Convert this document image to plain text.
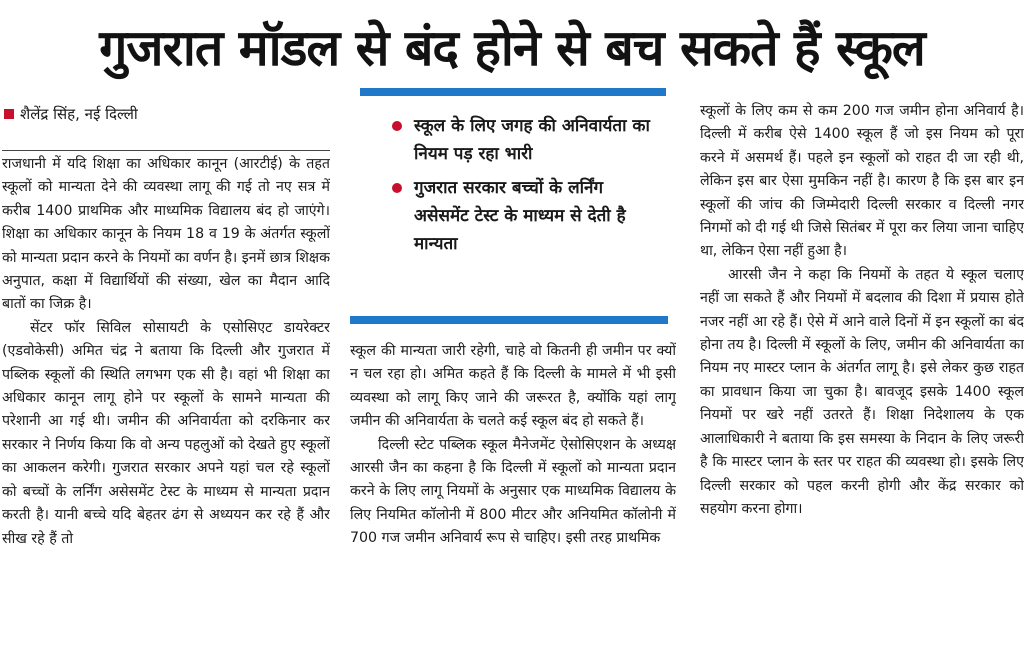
गुजरात मॉडल से बंद होने से बच सकते हैं स्कूल
शैलेंद्र सिंह, नई दिल्ली

राजधानी में यदि शिक्षा का अधिकार कानून (आरटीई) के तहत स्कूलों को मान्यता देने की व्यवस्था लागू की गई तो नए सत्र में करीब 1400 प्राथमिक और माध्यमिक विद्यालय बंद हो जाएंगे। शिक्षा का अधिकार कानून के नियम 18 व 19 के अंतर्गत स्कूलों को मान्यता प्रदान करने के नियमों का वर्णन है। इनमें छात्र शिक्षक अनुपात, कक्षा में विद्यार्थियों की संख्या, खेल का मैदान आदि बातों का जिक्र है।

सेंटर फॉर सिविल सोसायटी के एसोसिएट डायरेक्टर (एडवोकेसी) अमित चंद्र ने बताया कि दिल्ली और गुजरात में पब्लिक स्कूलों की स्थिति लगभग एक सी है। वहां भी शिक्षा का अधिकार कानून लागू होने पर स्कूलों के सामने मान्यता की परेशानी आ गई थी। जमीन की अनिवार्यता को दरकिनार कर सरकार ने निर्णय किया कि वो अन्य पहलुओं को देखते हुए स्कूलों का आकलन करेगी। गुजरात सरकार अपने यहां चल रहे स्कूलों को बच्चों के लर्निंग असेसमेंट टेस्ट के माध्यम से मान्यता प्रदान करती है। यानी बच्चे यदि बेहतर ढंग से अध्ययन कर रहे हैं और सीख रहे हैं तो

स्कूल के लिए जगह की अनिवार्यता का नियम पड़ रहा भारी
गुजरात सरकार बच्चों के लर्निंग असेसमेंट टेस्ट के माध्यम से देती है मान्यता

स्कूल की मान्यता जारी रहेगी, चाहे वो कितनी ही जमीन पर क्यों न चल रहा हो। अमित कहते हैं कि दिल्ली के मामले में भी इसी व्यवस्था को लागू किए जाने की जरूरत है, क्योंकि यहां लागू जमीन की अनिवार्यता के चलते कई स्कूल बंद हो सकते हैं।

दिल्ली स्टेट पब्लिक स्कूल मैनेजमेंट ऐसोसिएशन के अध्यक्ष आरसी जैन का कहना है कि दिल्ली में स्कूलों को मान्यता प्रदान करने के लिए लागू नियमों के अनुसार एक माध्यमिक विद्यालय के लिए नियमित कॉलोनी में 800 मीटर और अनियमित कॉलोनी में 700 गज जमीन अनिवार्य रूप से चाहिए। इसी तरह प्राथमिक

स्कूलों के लिए कम से कम 200 गज जमीन होना अनिवार्य है। दिल्ली में करीब ऐसे 1400 स्कूल हैं जो इस नियम को पूरा करने में असमर्थ हैं। पहले इन स्कूलों को राहत दी जा रही थी, लेकिन इस बार ऐसा मुमकिन नहीं है। कारण है कि इस बार इन स्कूलों की जांच की जिम्मेदारी दिल्ली सरकार व दिल्ली नगर निगमों को दी गई थी जिसे सितंबर में पूरा कर लिया जाना चाहिए था, लेकिन ऐसा नहीं हुआ है।

आरसी जैन ने कहा कि नियमों के तहत ये स्कूल चलाए नहीं जा सकते हैं और नियमों में बदलाव की दिशा में प्रयास होते नजर नहीं आ रहे हैं। ऐसे में आने वाले दिनों में इन स्कूलों का बंद होना तय है। दिल्ली में स्कूलों के लिए, जमीन की अनिवार्यता का नियम नए मास्टर प्लान के अंतर्गत लागू है। इसे लेकर कुछ राहत का प्रावधान किया जा चुका है। बावजूद इसके 1400 स्कूल नियमों पर खरे नहीं उतरते हैं। शिक्षा निदेशालय के एक आलाधिकारी ने बताया कि इस समस्या के निदान के लिए जरूरी है कि मास्टर प्लान के स्तर पर राहत की व्यवस्था हो। इसके लिए दिल्ली सरकार को पहल करनी होगी और केंद्र सरकार को सहयोग करना होगा।
